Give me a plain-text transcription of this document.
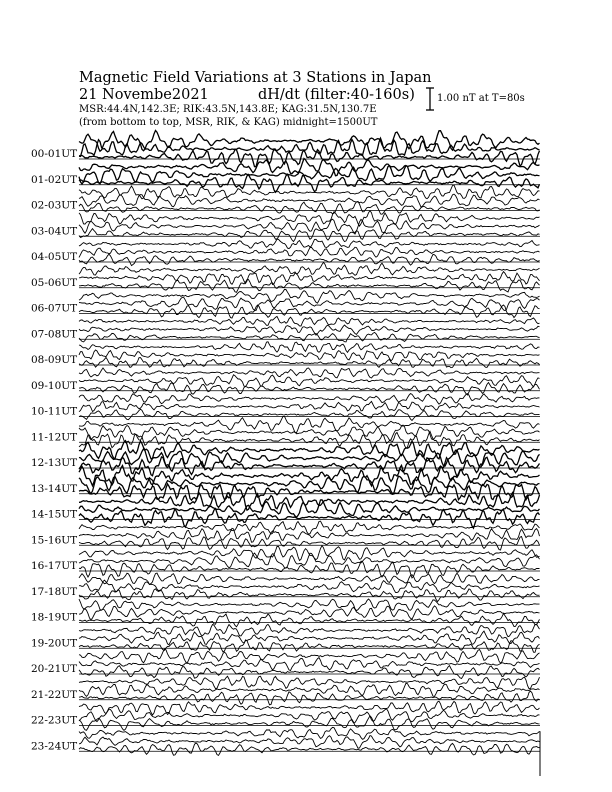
Magnetic Field Variations at 3 Stations in Japan
21 Novembe2021	dH/dt (filter:40-160s)
MSR:44.4N,142.3E; RIK:43.5N,143.8E; KAG:31.5N,130.7E
(from bottom to top, MSR, RIK, & KAG) midnight=1500UT
1.00 nT at T=80s
00-01UT
01-02UT
02-03UT
03-04UT
04-05UT
05-06UT
06-07UT
07-08UT
08-09UT
09-10UT
10-11UT
11-12UT
12-13UT
13-14UT
14-15UT
15-16UT
16-17UT
17-18UT
18-19UT
19-20UT
20-21UT
21-22UT
22-23UT
23-24UT
